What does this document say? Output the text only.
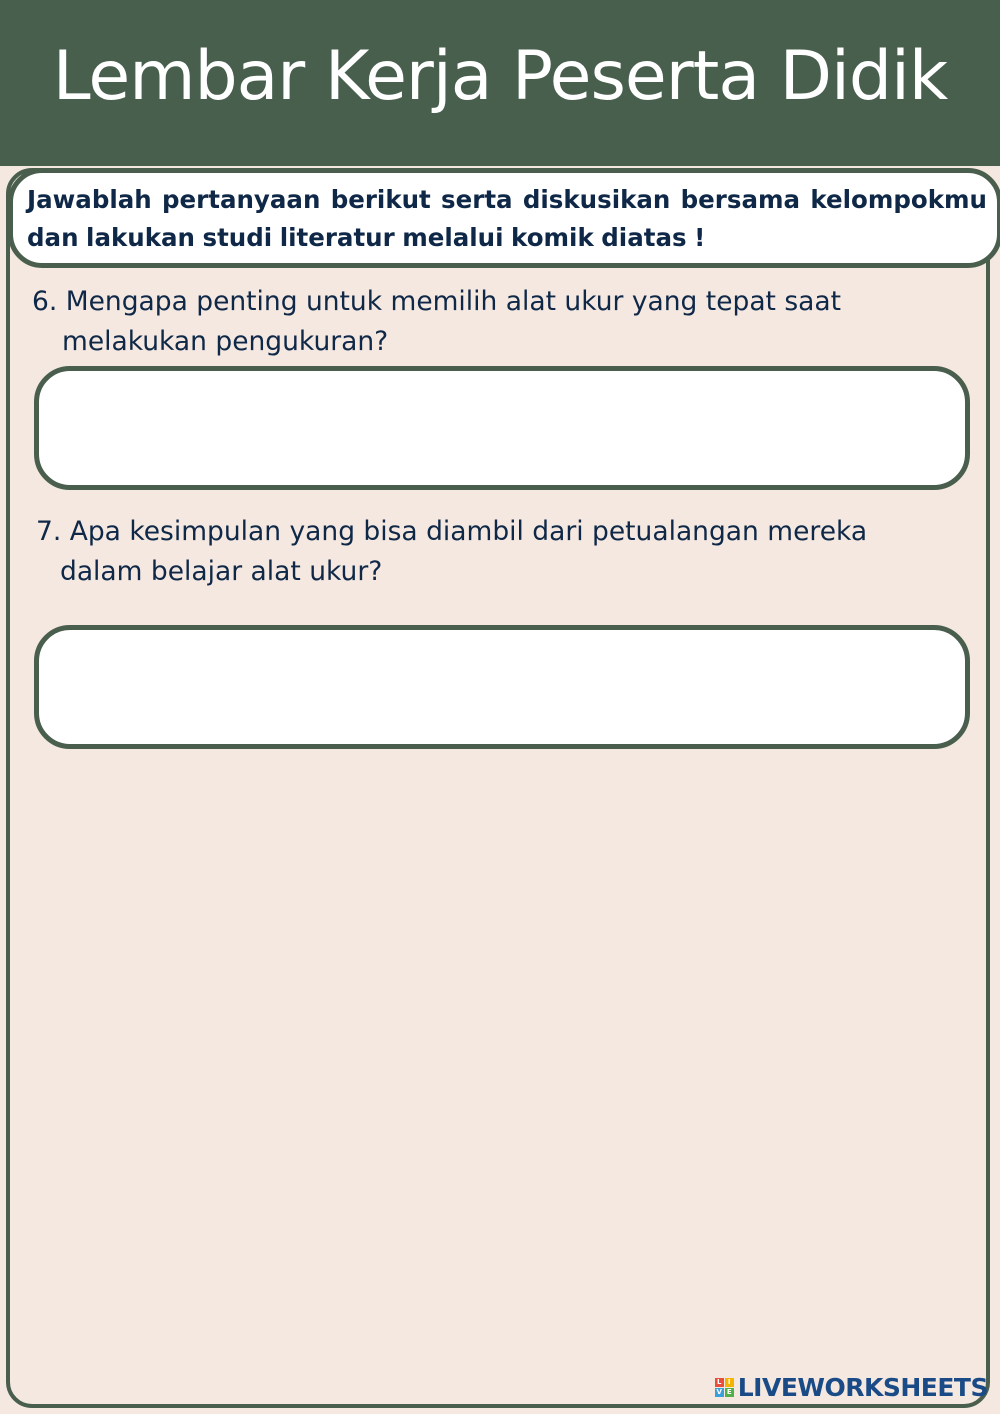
Lembar Kerja Peserta Didik

Jawablah pertanyaan berikut serta diskusikan bersama kelompokmu dan lakukan studi literatur melalui komik diatas !

6. Mengapa penting untuk memilih alat ukur yang tepat saat melakukan pengukuran?
7. Apa kesimpulan yang bisa diambil dari petualangan mereka dalam belajar alat ukur?
L I
V E LIVEWORKSHEETS
